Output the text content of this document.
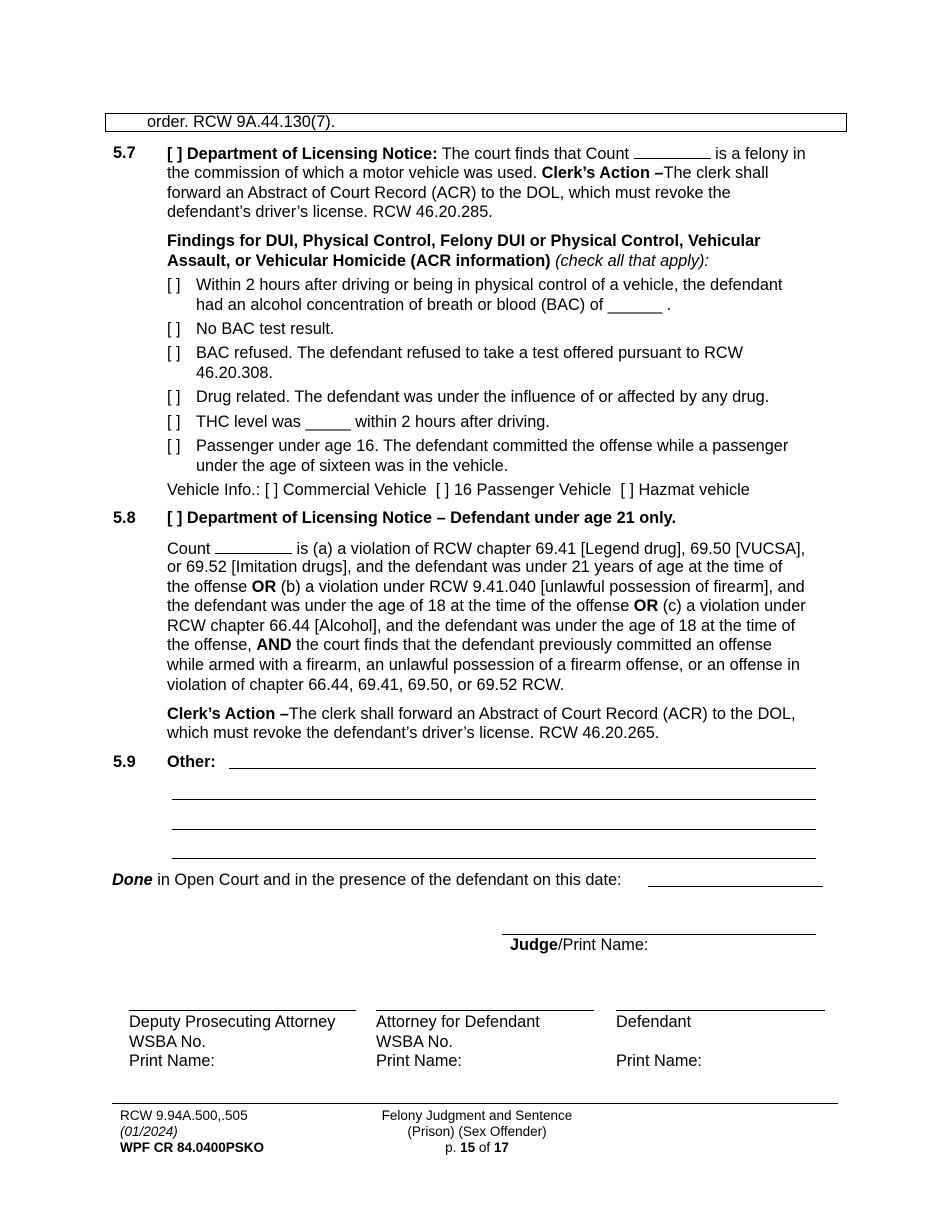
order. RCW 9A.44.130(7).
5.7 [ ] Department of Licensing Notice: The court finds that Count	is a felony in
the commission of which a motor vehicle was used. Clerk’s Action –The clerk shall
forward an Abstract of Court Record (ACR) to the DOL, which must revoke the
defendant’s driver’s license. RCW 46.20.285.
Findings for DUI, Physical Control, Felony DUI or Physical Control, Vehicular
Assault, or Vehicular Homicide (ACR information) (check all that apply):
[ ] Within 2 hours after driving or being in physical control of a vehicle, the defendant
had an alcohol concentration of breath or blood (BAC) of ______ .
[ ] No BAC test result.
[ ] BAC refused. The defendant refused to take a test offered pursuant to RCW
46.20.308.
[ ] Drug related. The defendant was under the influence of or affected by any drug.
[ ] THC level was _____ within 2 hours after driving.
[ ] Passenger under age 16. The defendant committed the offense while a passenger
under the age of sixteen was in the vehicle.
Vehicle Info.: [ ] Commercial Vehicle  [ ] 16 Passenger Vehicle  [ ] Hazmat vehicle
5.8 [ ] Department of Licensing Notice – Defendant under age 21 only.
Count	is (a) a violation of RCW chapter 69.41 [Legend drug], 69.50 [VUCSA],
or 69.52 [Imitation drugs], and the defendant was under 21 years of age at the time of
the offense OR (b) a violation under RCW 9.41.040 [unlawful possession of firearm], and
the defendant was under the age of 18 at the time of the offense OR (c) a violation under
RCW chapter 66.44 [Alcohol], and the defendant was under the age of 18 at the time of
the offense, AND the court finds that the defendant previously committed an offense
while armed with a firearm, an unlawful possession of a firearm offense, or an offense in
violation of chapter 66.44, 69.41, 69.50, or 69.52 RCW.
Clerk’s Action –The clerk shall forward an Abstract of Court Record (ACR) to the DOL,
which must revoke the defendant’s driver’s license. RCW 46.20.265.
5.9 Other:
Done in Open Court and in the presence of the defendant on this date:
Judge/Print Name:
Deputy Prosecuting Attorney
WSBA No.
Print Name:
Attorney for Defendant
WSBA No.
Print Name:
Defendant
Print Name:
RCW 9.94A.500,.505
(01/2024)
WPF CR 84.0400PSKO
Felony Judgment and Sentence
(Prison) (Sex Offender)
p. 15 of 17
